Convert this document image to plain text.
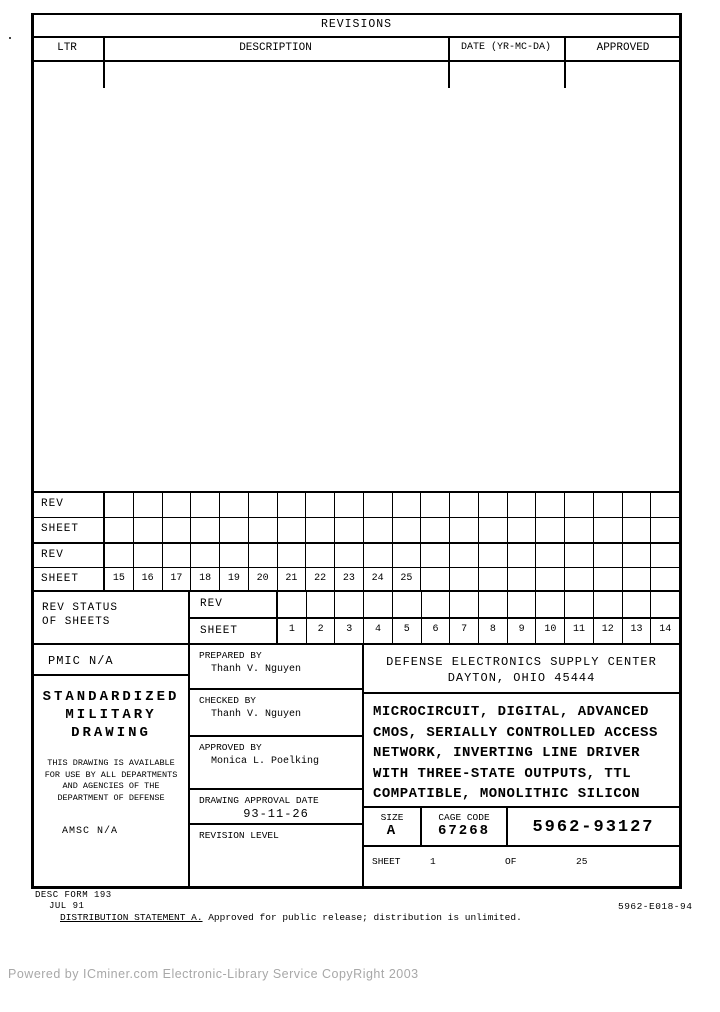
REVISIONS
LTR	DESCRIPTION	DATE (YR-MC-DA)	APPROVED
REV
SHEET
REV
SHEET	15	16	17	18	19	20	21	22	23	24	25
REV STATUS
OF SHEETS
REV
SHEET	1	2	3	4	5	6	7	8	9	10	11	12	13	14
PMIC N/A
STANDARDIZED
MILITARY
DRAWING
THIS DRAWING IS AVAILABLE
FOR USE BY ALL DEPARTMENTS
AND AGENCIES OF THE
DEPARTMENT OF DEFENSE
AMSC N/A
PREPARED BY
Thanh V. Nguyen
CHECKED BY
Thanh V. Nguyen
APPROVED BY
Monica L. Poelking
DRAWING APPROVAL DATE
93-11-26
REVISION LEVEL
DEFENSE ELECTRONICS SUPPLY CENTER
DAYTON, OHIO 45444
MICROCIRCUIT, DIGITAL, ADVANCED
CMOS, SERIALLY CONTROLLED ACCESS
NETWORK, INVERTING LINE DRIVER
WITH THREE-STATE OUTPUTS, TTL
COMPATIBLE, MONOLITHIC SILICON
SIZE
A
CAGE CODE
67268	5962-93127
SHEET	1	OF	25
DESC FORM 193
JUL 91	5962-E018-94
DISTRIBUTION STATEMENT A. Approved for public release; distribution is unlimited.
Powered by ICminer.com Electronic-Library Service CopyRight 2003
